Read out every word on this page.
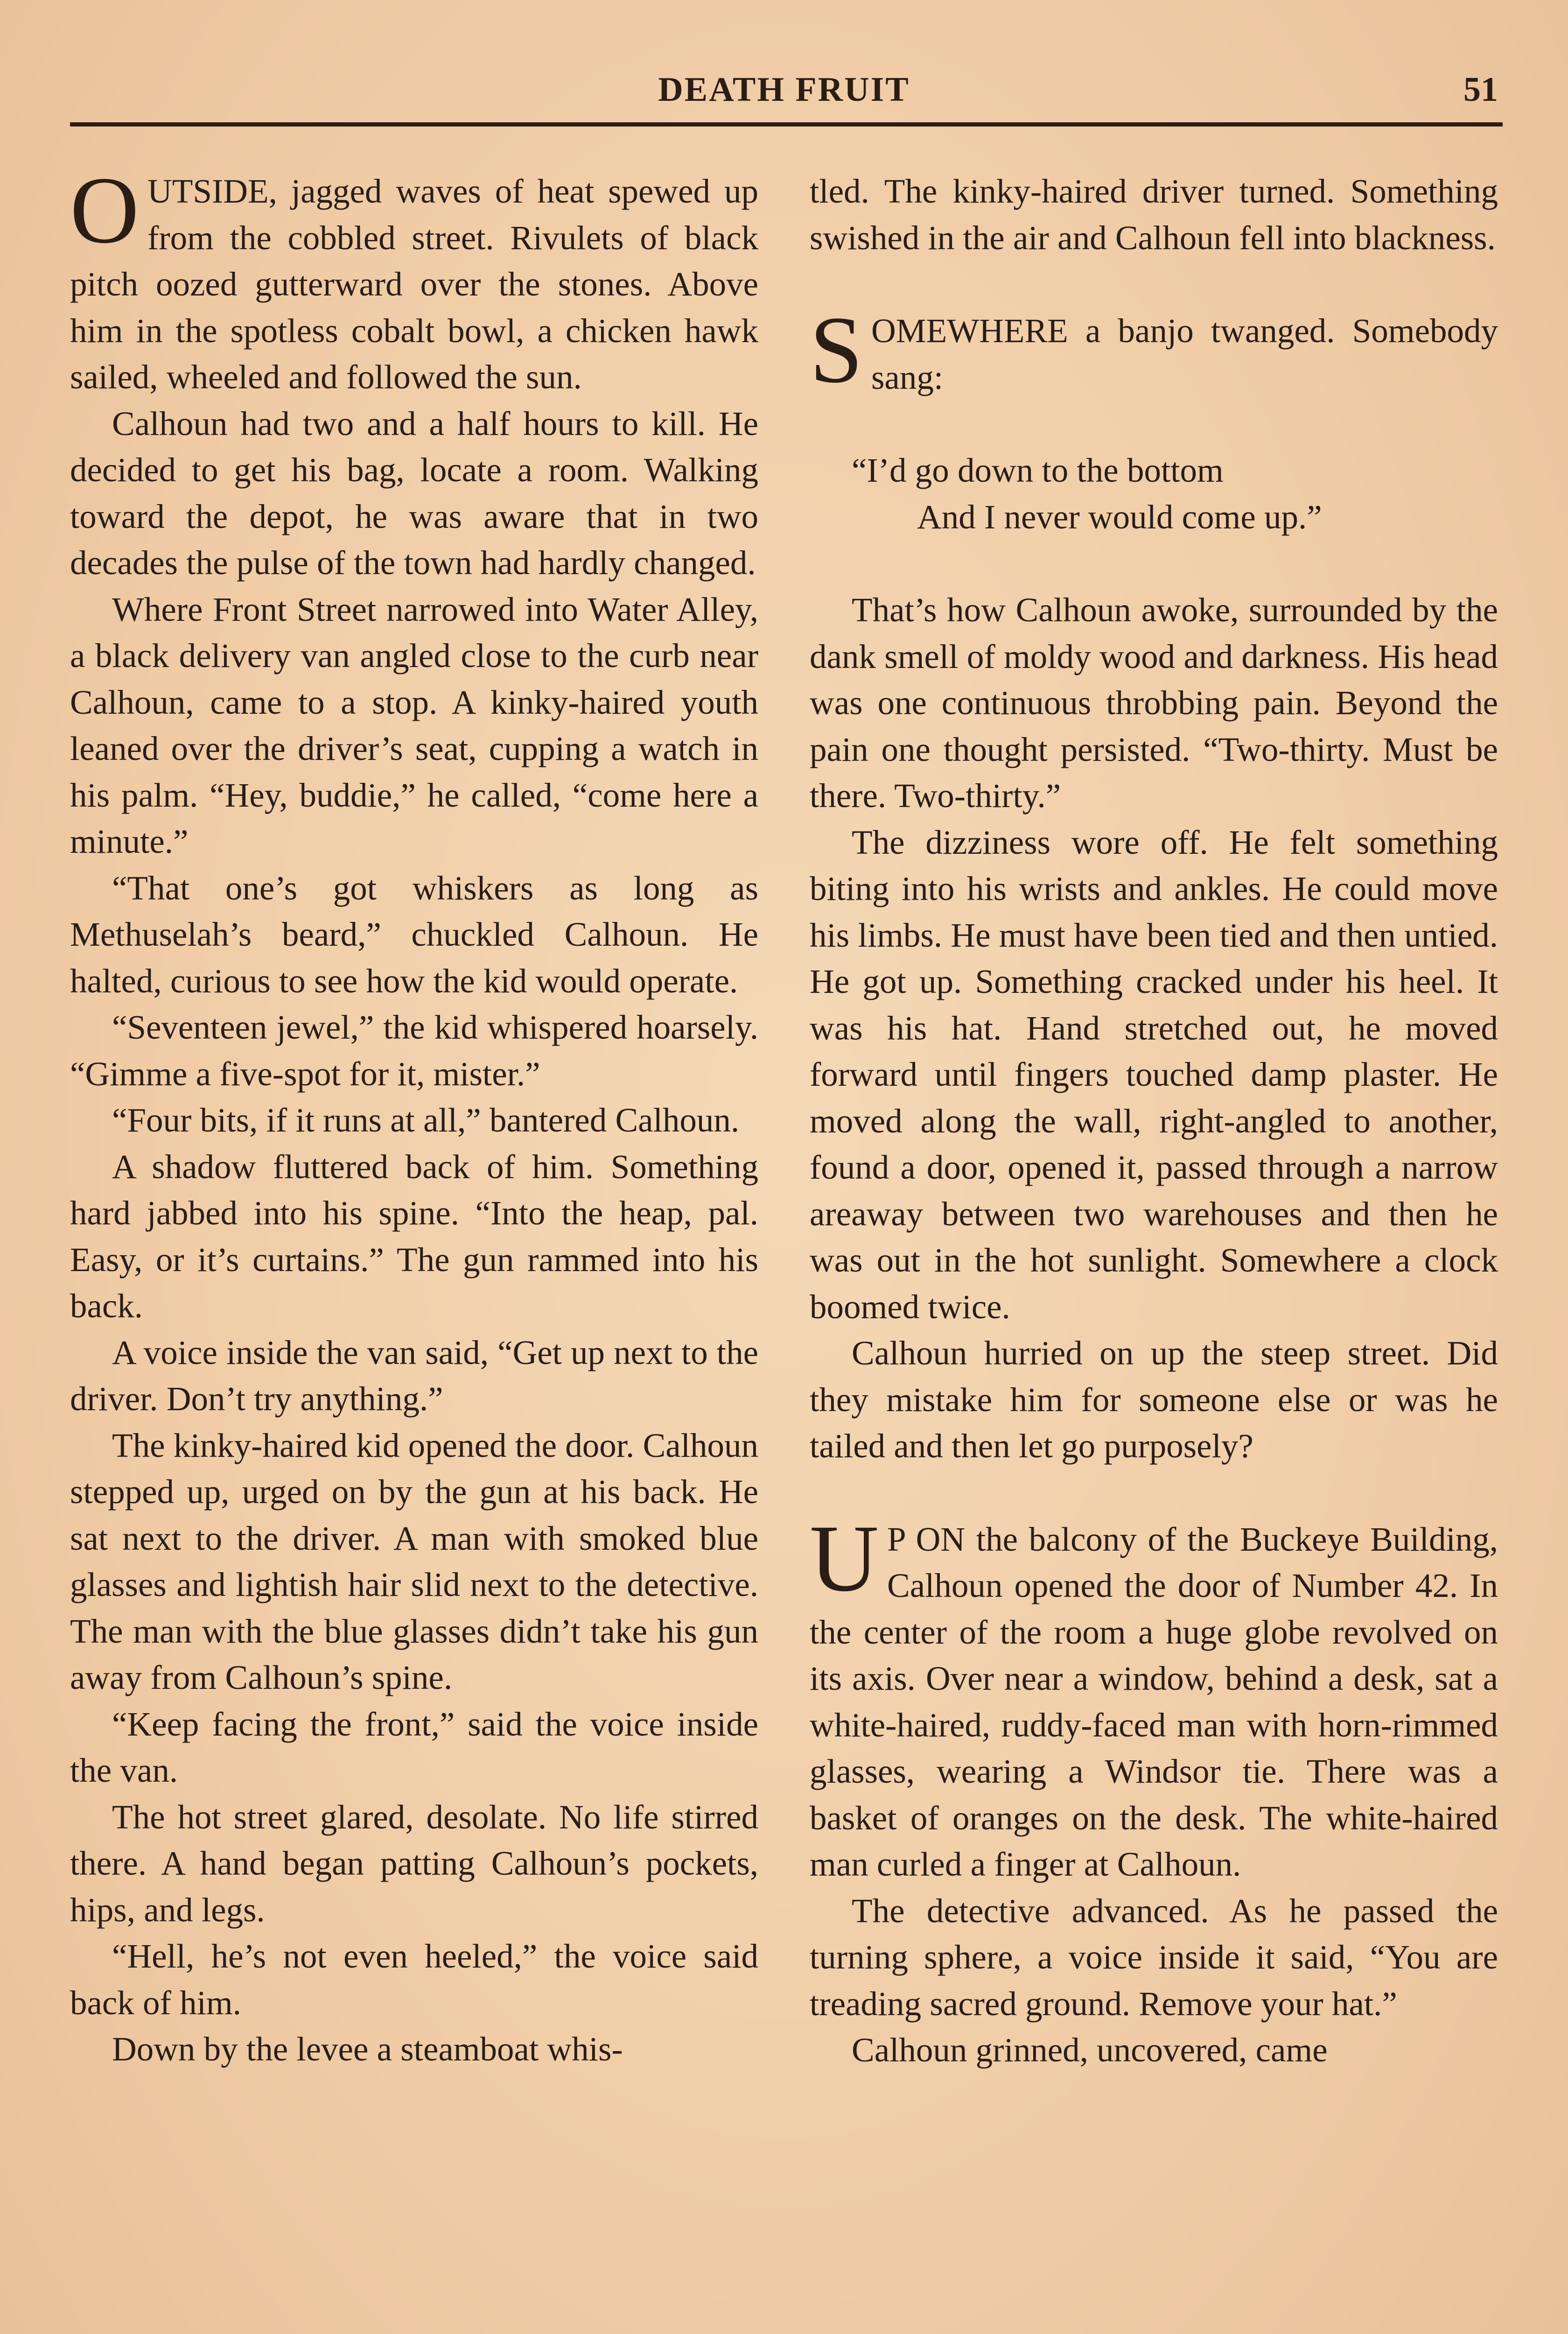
DEATH FRUIT	51

OUTSIDE, jagged waves of heat spewed up from the cobbled street. Rivulets of black pitch oozed gutterward over the stones. Above him in the spotless cobalt bowl, a chicken hawk sailed, wheeled and followed the sun.

Calhoun had two and a half hours to kill. He decided to get his bag, locate a room. Walking toward the depot, he was aware that in two decades the pulse of the town had hardly changed.

Where Front Street narrowed into Water Alley, a black delivery van angled close to the curb near Calhoun, came to a stop. A kinky-haired youth leaned over the driver’s seat, cupping a watch in his palm. “Hey, buddie,” he called, “come here a minute.”

“That one’s got whiskers as long as Methuselah’s beard,” chuckled Calhoun. He halted, curious to see how the kid would operate.

“Seventeen jewel,” the kid whispered hoarsely. “Gimme a five-spot for it, mister.”

“Four bits, if it runs at all,” bantered Calhoun.

A shadow fluttered back of him. Something hard jabbed into his spine. “Into the heap, pal. Easy, or it’s curtains.” The gun rammed into his back.

A voice inside the van said, “Get up next to the driver. Don’t try anything.”

The kinky-haired kid opened the door. Calhoun stepped up, urged on by the gun at his back. He sat next to the driver. A man with smoked blue glasses and lightish hair slid next to the detective. The man with the blue glasses didn’t take his gun away from Calhoun’s spine.

“Keep facing the front,” said the voice inside the van.

The hot street glared, desolate. No life stirred there. A hand began patting Calhoun’s pockets, hips, and legs.

“Hell, he’s not even heeled,” the voice said back of him.

Down by the levee a steamboat whis-

tled. The kinky-haired driver turned. Something swished in the air and Calhoun fell into blackness.

SOMEWHERE a banjo twanged. Somebody sang:

“I’d go down to the bottom
And I never would come up.”

That’s how Calhoun awoke, surrounded by the dank smell of moldy wood and darkness. His head was one continuous throbbing pain. Beyond the pain one thought persisted. “Two-thirty. Must be there. Two-thirty.”

The dizziness wore off. He felt something biting into his wrists and ankles. He could move his limbs. He must have been tied and then untied. He got up. Something cracked under his heel. It was his hat. Hand stretched out, he moved forward until fingers touched damp plaster. He moved along the wall, right-angled to another, found a door, opened it, passed through a narrow areaway between two warehouses and then he was out in the hot sunlight. Somewhere a clock boomed twice.

Calhoun hurried on up the steep street. Did they mistake him for someone else or was he tailed and then let go purposely?

U P ON the balcony of the Buckeye Building, Calhoun opened the door of Number 42. In the center of the room a huge globe revolved on its axis. Over near a window, behind a desk, sat a white-haired, ruddy-faced man with horn-rimmed glasses, wearing a Windsor tie. There was a basket of oranges on the desk. The white-haired man curled a finger at Calhoun.

The detective advanced. As he passed the turning sphere, a voice inside it said, “You are treading sacred ground. Remove your hat.”

Calhoun grinned, uncovered, came
